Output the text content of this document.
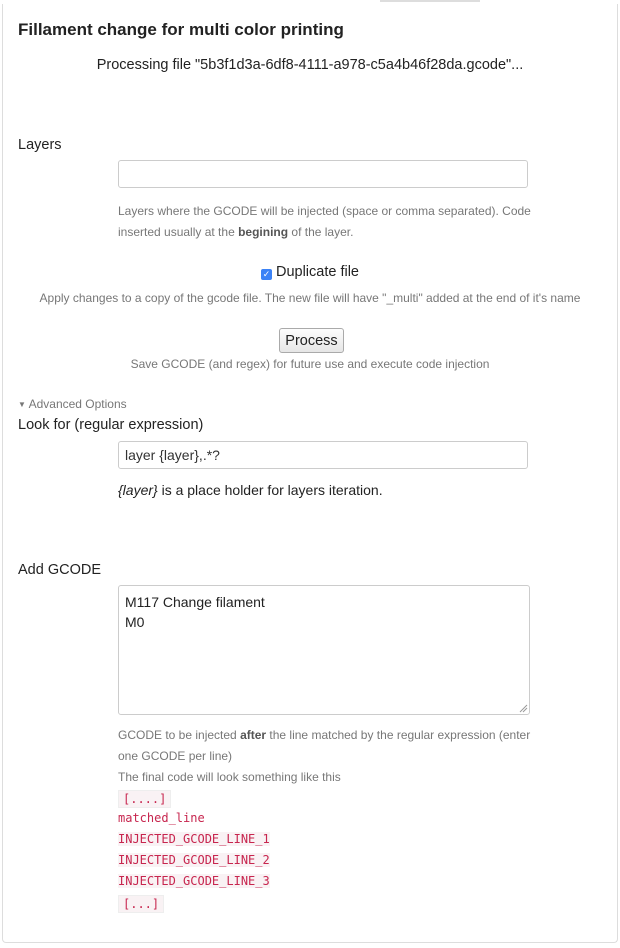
Fillament change for multi color printing
Processing file "5b3f1d3a-6df8-4111-a978-c5a4b46f28da.gcode"...
Layers
Layers where the GCODE will be injected (space or comma separated). Code inserted usually at the begining of the layer.
✓ Duplicate file
Apply changes to a copy of the gcode file. The new file will have "_multi" added at the end of it's name
Process
Save GCODE (and regex) for future use and execute code injection
▼ Advanced Options
Look for (regular expression)
layer {layer},.*?
{layer} is a place holder for layers iteration.
Add GCODE
M117 Change filament
M0
GCODE to be injected after the line matched by the regular expression (enter one GCODE per line)
The final code will look something like this
[....]
matched_line
INJECTED_GCODE_LINE_1
INJECTED_GCODE_LINE_2
INJECTED_GCODE_LINE_3
[...]
